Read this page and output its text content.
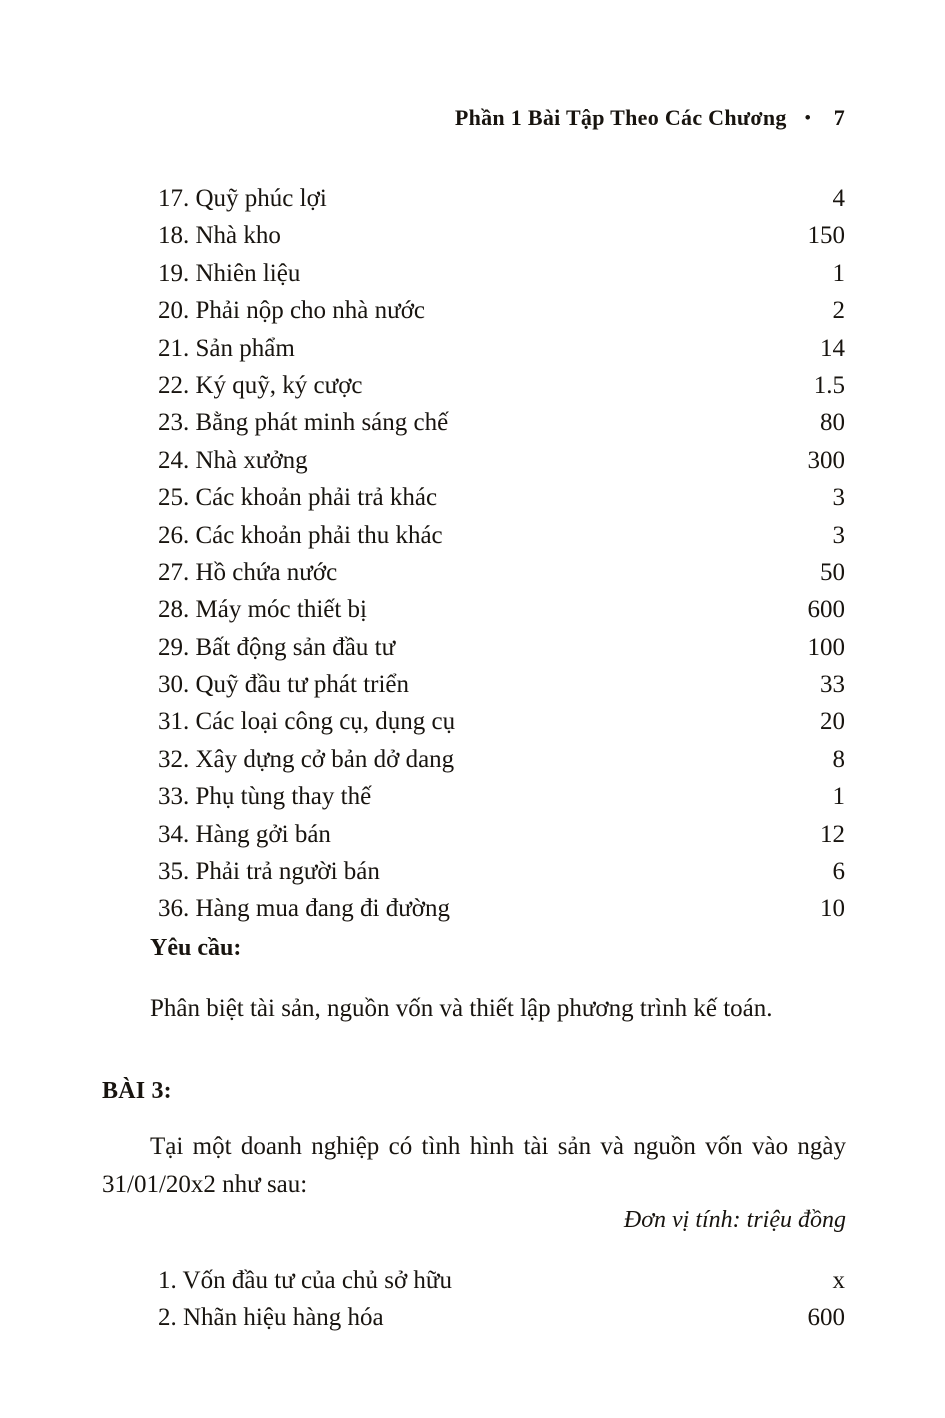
Phần 1 Bài Tập Theo Các Chương • 7
17. Quỹ phúc lợi	4
18. Nhà kho	150
19. Nhiên liệu	1
20. Phải nộp cho nhà nước	2
21. Sản phẩm	14
22. Ký quỹ, ký cược	1.5
23. Bằng phát minh sáng chế	80
24. Nhà xưởng	300
25. Các khoản phải trả khác	3
26. Các khoản phải thu khác	3
27. Hồ chứa nước	50
28. Máy móc thiết bị	600
29. Bất động sản đầu tư	100
30. Quỹ đầu tư phát triển	33
31. Các loại công cụ, dụng cụ	20
32. Xây dựng cở bản dở dang	8
33. Phụ tùng thay thế	1
34. Hàng gởi bán	12
35. Phải trả người bán	6
36. Hàng mua đang đi đường	10
Yêu cầu:
Phân biệt tài sản, nguồn vốn và thiết lập phương trình kế toán.
BÀI 3:
Tại một doanh nghiệp có tình hình tài sản và nguồn vốn vào ngày 31/01/20x2 như sau:
Đơn vị tính: triệu đồng
1. Vốn đầu tư của chủ sở hữu	x
2. Nhãn hiệu hàng hóa	600
